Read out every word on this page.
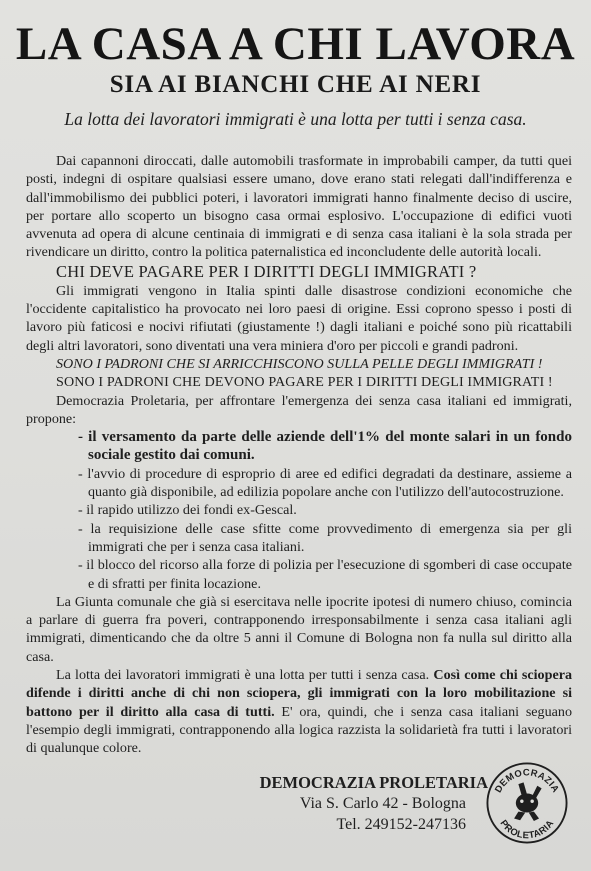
LA CASA A CHI LAVORA
SIA AI BIANCHI CHE AI NERI
La lotta dei lavoratori immigrati è una lotta per tutti i senza casa.

Dai capannoni diroccati, dalle automobili trasformate in improbabili camper, da tutti quei posti, indegni di ospitare qualsiasi essere umano, dove erano stati relegati dall'indifferenza e dall'immobilismo dei pubblici poteri, i lavoratori immigrati hanno finalmente deciso di uscire, per portare allo scoperto un bisogno casa ormai esplosivo. L'occupazione di edifici vuoti avvenuta ad opera di alcune centinaia di immigrati e di senza casa italiani è la sola strada per rivendicare un diritto, contro la politica paternalistica ed inconcludente delle autorità locali.

CHI DEVE PAGARE PER I DIRITTI DEGLI IMMIGRATI ?

Gli immigrati vengono in Italia spinti dalle disastrose condizioni economiche che l'occidente capitalistico ha provocato nei loro paesi di origine. Essi coprono spesso i posti di lavoro più faticosi e nocivi rifiutati (giustamente !) dagli italiani e poiché sono più ricattabili degli altri lavoratori, sono diventati una vera miniera d'oro per piccoli e grandi padroni.

SONO I PADRONI CHE SI ARRICCHISCONO SULLA PELLE DEGLI IMMIGRATI !

SONO I PADRONI CHE DEVONO PAGARE PER I DIRITTI DEGLI IMMIGRATI !

Democrazia Proletaria, per affrontare l'emergenza dei senza casa italiani ed immigrati, propone:

- il versamento da parte delle aziende dell'1% del monte salari in un fondo sociale gestito dai comuni.
- l'avvio di procedure di esproprio di aree ed edifici degradati da destinare, assieme a quanto già disponibile, ad edilizia popolare anche con l'utilizzo dell'autocostruzione.
- il rapido utilizzo dei fondi ex-Gescal.
- la requisizione delle case sfitte come provvedimento di emergenza sia per gli immigrati che per i senza casa italiani.
- il blocco del ricorso alla forze di polizia per l'esecuzione di sgomberi di case occupate e di sfratti per finita locazione.

La Giunta comunale che già si esercitava nelle ipocrite ipotesi di numero chiuso, comincia a parlare di guerra fra poveri, contrapponendo irresponsabilmente i senza casa italiani agli immigrati, dimenticando che da oltre 5 anni il Comune di Bologna non fa nulla sul diritto alla casa.

La lotta dei lavoratori immigrati è una lotta per tutti i senza casa. Così come chi sciopera difende i diritti anche di chi non sciopera, gli immigrati con la loro mobilitazione si battono per il diritto alla casa di tutti. E' ora, quindi, che i senza casa italiani seguano l'esempio degli immigrati, contrapponendo alla logica razzista la solidarietà fra tutti i lavoratori di qualunque colore.

DEMOCRAZIA PROLETARIA
Via S. Carlo 42 - Bologna
Tel. 249152-247136
DEMOCRAZIA
PROLETARIA
